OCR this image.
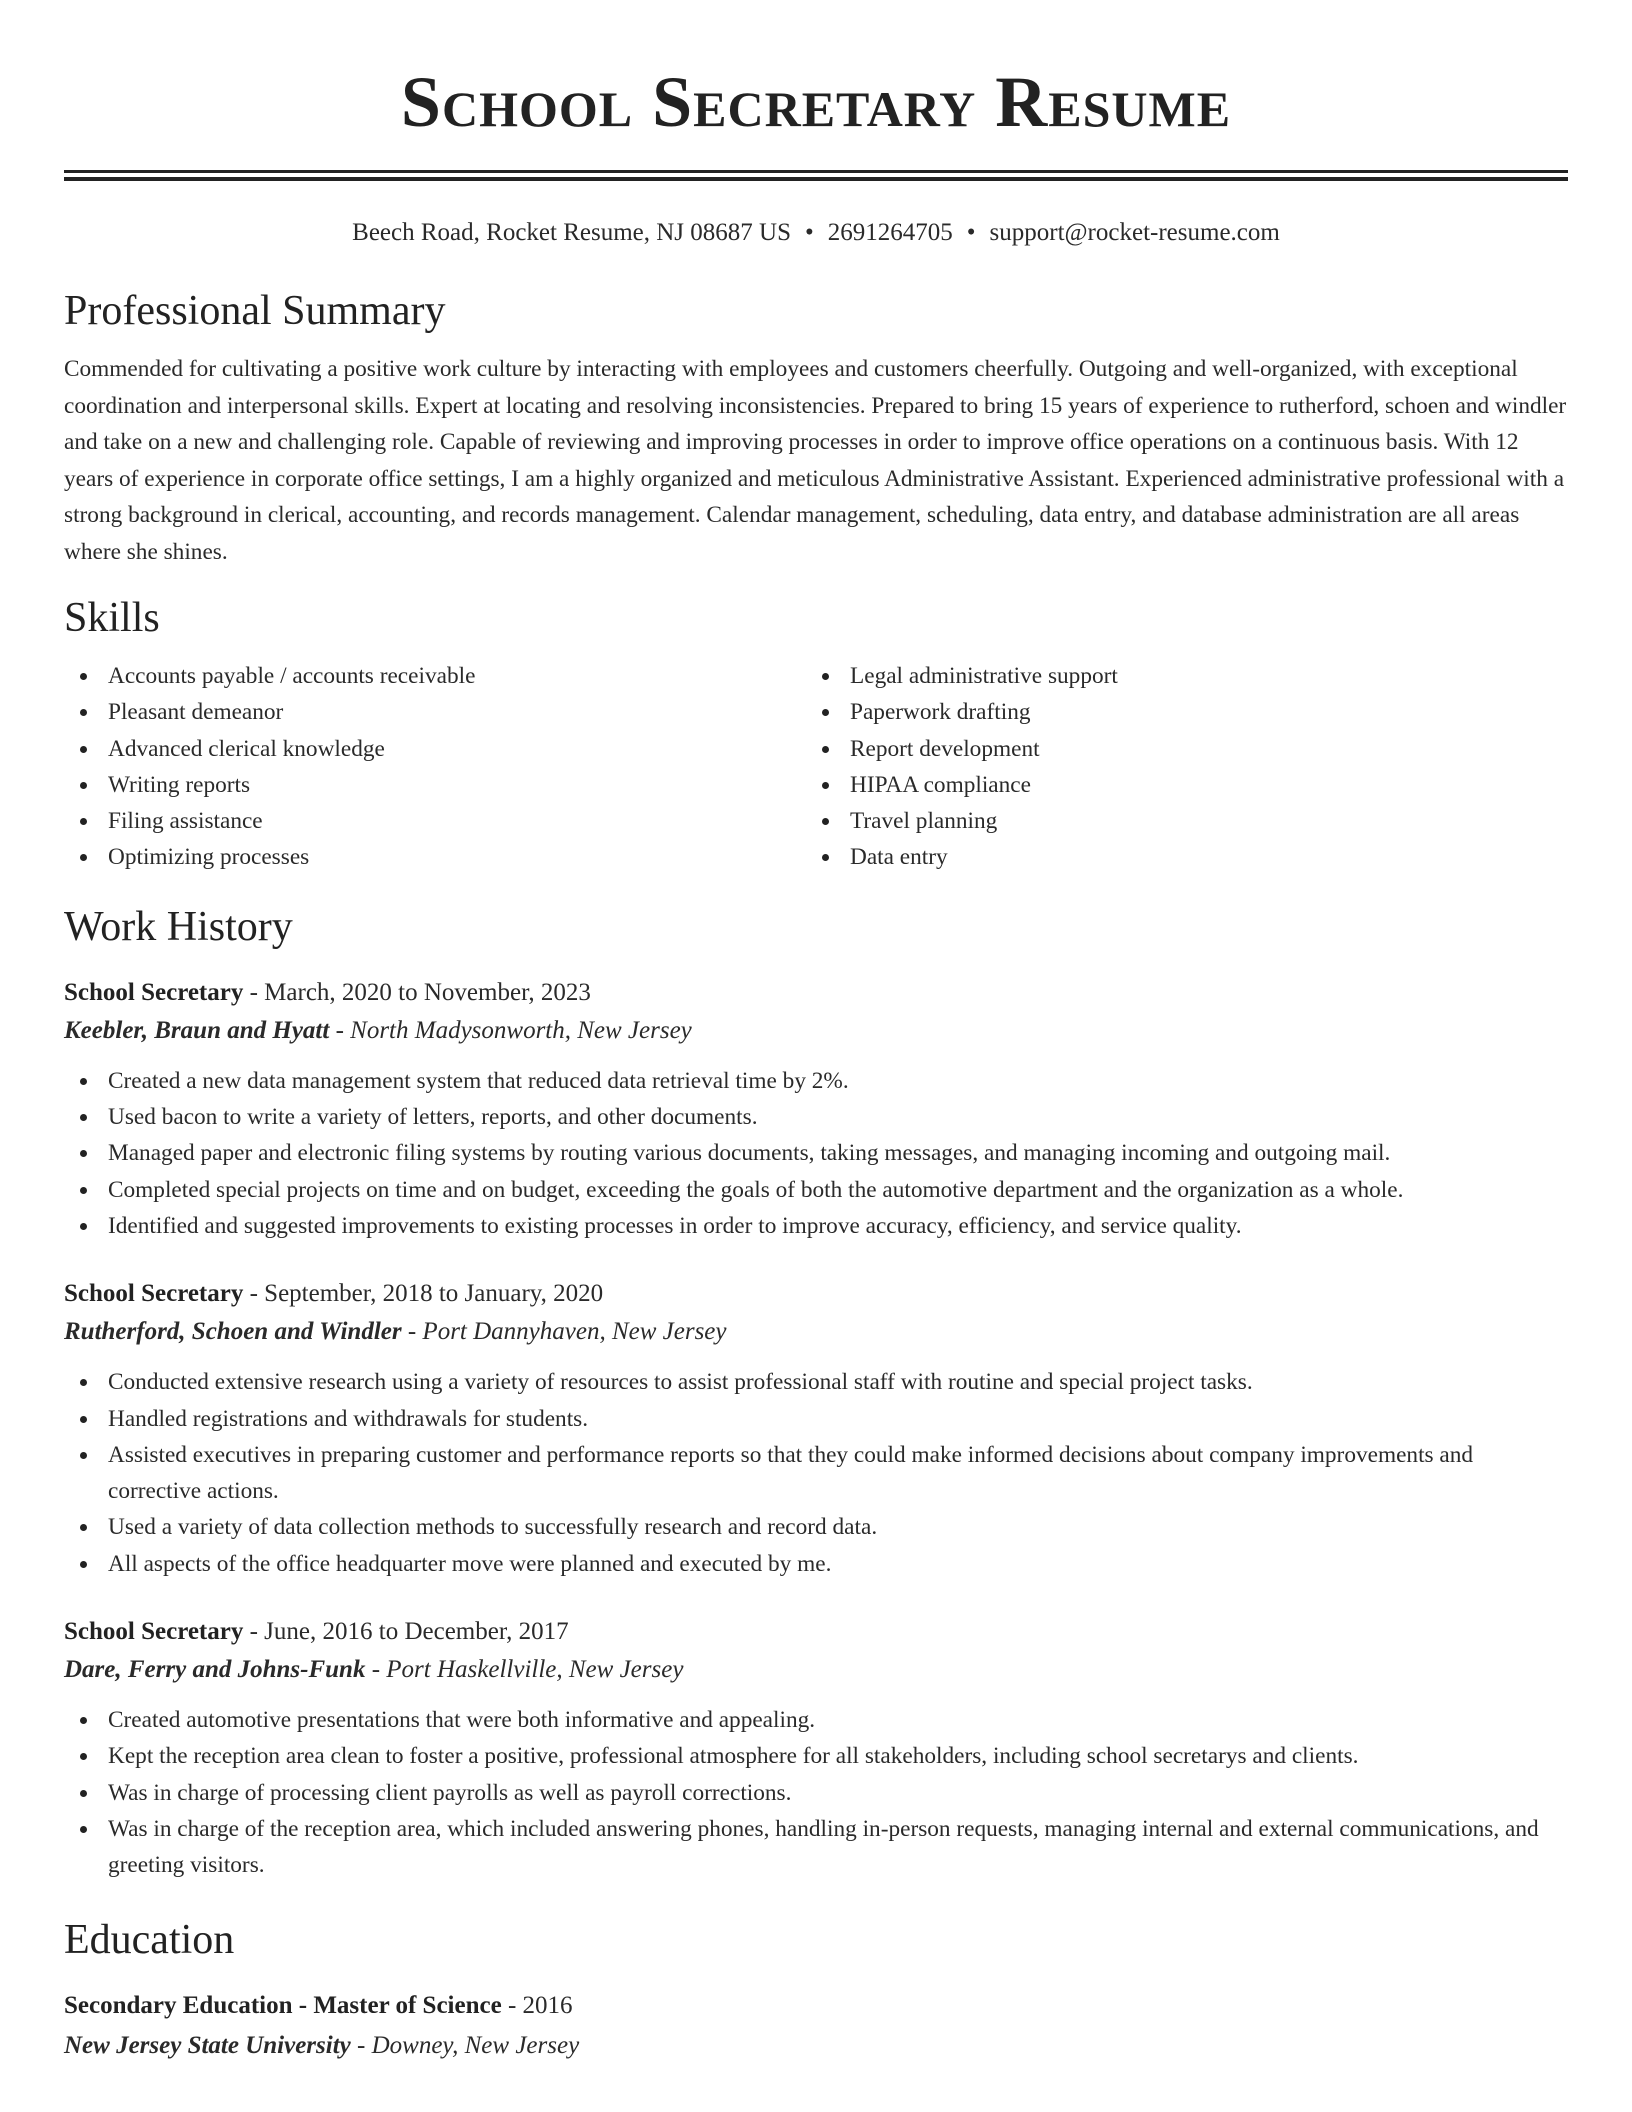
School Secretary Resume
Beech Road, Rocket Resume, NJ 08687 US • 2691264705 • support@rocket-resume.com
Professional Summary

Commended for cultivating a positive work culture by interacting with employees and customers cheerfully. Outgoing and well-organized, with exceptional coordination and interpersonal skills. Expert at locating and resolving inconsistencies. Prepared to bring 15 years of experience to rutherford, schoen and windler and take on a new and challenging role. Capable of reviewing and improving processes in order to improve office operations on a continuous basis. With 12 years of experience in corporate office settings, I am a highly organized and meticulous Administrative Assistant. Experienced administrative professional with a strong background in clerical, accounting, and records management. Calendar management, scheduling, data entry, and database administration are all areas where she shines.

Skills
Accounts payable / accounts receivable
Pleasant demeanor
Advanced clerical knowledge
Writing reports
Filing assistance
Optimizing processes
Legal administrative support
Paperwork drafting
Report development
HIPAA compliance
Travel planning
Data entry
Work History
School Secretary - March, 2020 to November, 2023
Keebler, Braun and Hyatt - North Madysonworth, New Jersey
Created a new data management system that reduced data retrieval time by 2%.
Used bacon to write a variety of letters, reports, and other documents.
Managed paper and electronic filing systems by routing various documents, taking messages, and managing incoming and outgoing mail.
Completed special projects on time and on budget, exceeding the goals of both the automotive department and the organization as a whole.
Identified and suggested improvements to existing processes in order to improve accuracy, efficiency, and service quality.
School Secretary - September, 2018 to January, 2020
Rutherford, Schoen and Windler - Port Dannyhaven, New Jersey
Conducted extensive research using a variety of resources to assist professional staff with routine and special project tasks.
Handled registrations and withdrawals for students.
Assisted executives in preparing customer and performance reports so that they could make informed decisions about company improvements and corrective actions.
Used a variety of data collection methods to successfully research and record data.
All aspects of the office headquarter move were planned and executed by me.
School Secretary - June, 2016 to December, 2017
Dare, Ferry and Johns-Funk - Port Haskellville, New Jersey
Created automotive presentations that were both informative and appealing.
Kept the reception area clean to foster a positive, professional atmosphere for all stakeholders, including school secretarys and clients.
Was in charge of processing client payrolls as well as payroll corrections.
Was in charge of the reception area, which included answering phones, handling in-person requests, managing internal and external communications, and greeting visitors.
Education
Secondary Education - Master of Science - 2016
New Jersey State University - Downey, New Jersey
